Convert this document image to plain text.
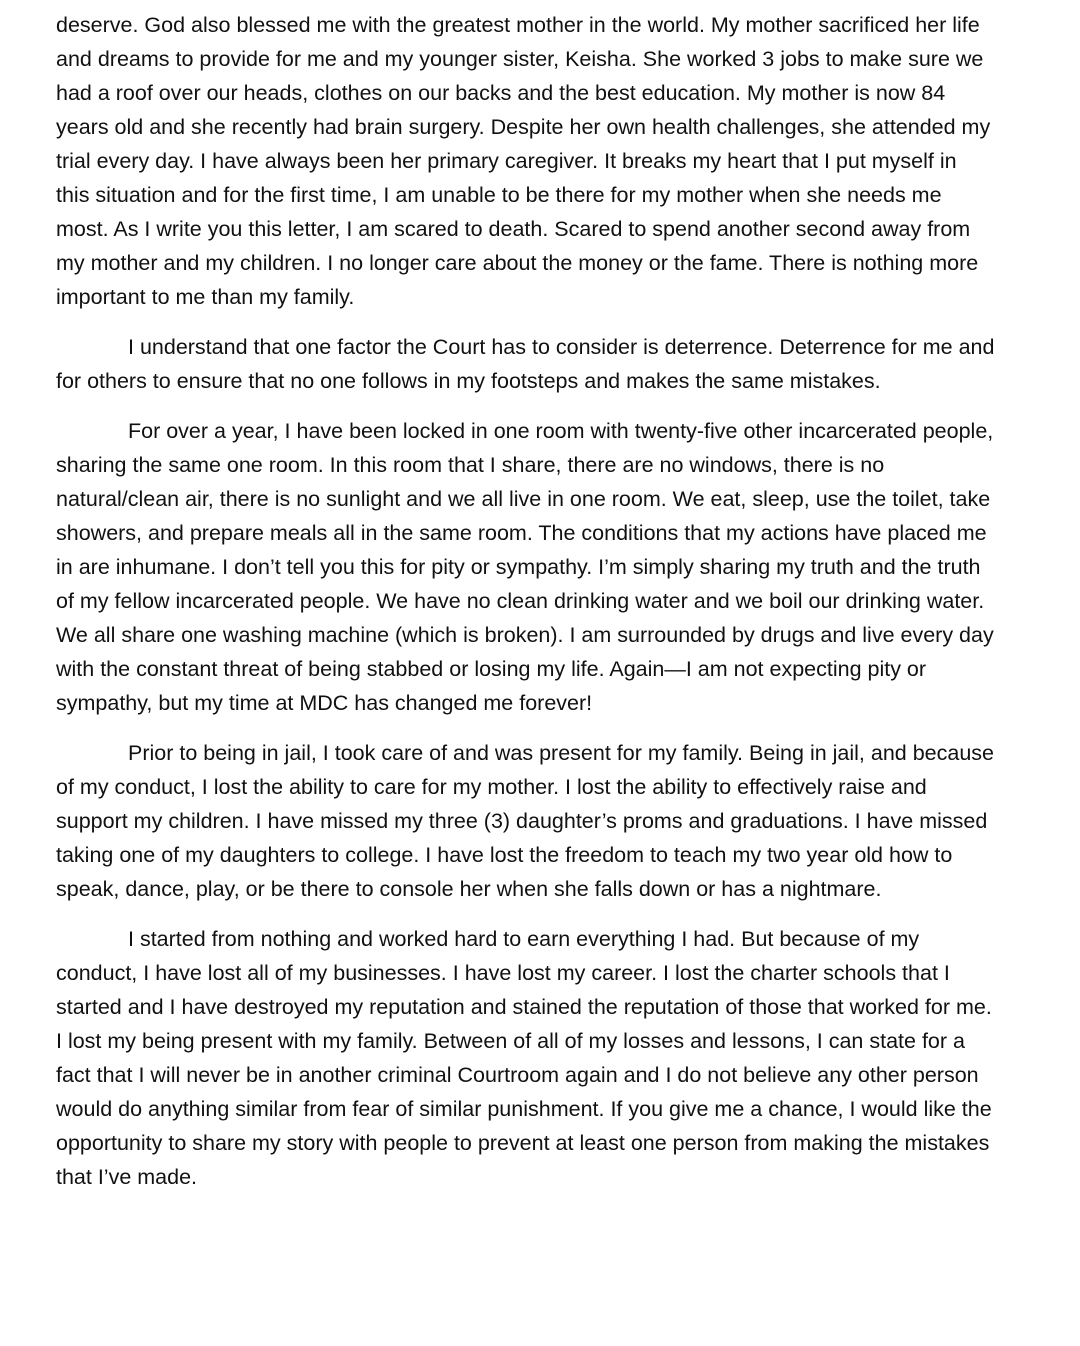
deserve. God also blessed me with the greatest mother in the world. My mother sacrificed her life and dreams to provide for me and my younger sister, Keisha. She worked 3 jobs to make sure we had a roof over our heads, clothes on our backs and the best education. My mother is now 84 years old and she recently had brain surgery. Despite her own health challenges, she attended my trial every day. I have always been her primary caregiver. It breaks my heart that I put myself in this situation and for the first time, I am unable to be there for my mother when she needs me most. As I write you this letter, I am scared to death. Scared to spend another second away from my mother and my children. I no longer care about the money or the fame. There is nothing more important to me than my family.

I understand that one factor the Court has to consider is deterrence. Deterrence for me and for others to ensure that no one follows in my footsteps and makes the same mistakes.

For over a year, I have been locked in one room with twenty-five other incarcerated people, sharing the same one room. In this room that I share, there are no windows, there is no natural/clean air, there is no sunlight and we all live in one room. We eat, sleep, use the toilet, take showers, and prepare meals all in the same room. The conditions that my actions have placed me in are inhumane. I don’t tell you this for pity or sympathy. I’m simply sharing my truth and the truth of my fellow incarcerated people. We have no clean drinking water and we boil our drinking water. We all share one washing machine (which is broken). I am surrounded by drugs and live every day with the constant threat of being stabbed or losing my life. Again—I am not expecting pity or sympathy, but my time at MDC has changed me forever!

Prior to being in jail, I took care of and was present for my family. Being in jail, and because of my conduct, I lost the ability to care for my mother. I lost the ability to effectively raise and support my children. I have missed my three (3) daughter’s proms and graduations. I have missed taking one of my daughters to college. I have lost the freedom to teach my two year old how to speak, dance, play, or be there to console her when she falls down or has a nightmare.

I started from nothing and worked hard to earn everything I had. But because of my conduct, I have lost all of my businesses. I have lost my career. I lost the charter schools that I started and I have destroyed my reputation and stained the reputation of those that worked for me. I lost my being present with my family. Between of all of my losses and lessons, I can state for a fact that I will never be in another criminal Courtroom again and I do not believe any other person would do anything similar from fear of similar punishment. If you give me a chance, I would like the opportunity to share my story with people to prevent at least one person from making the mistakes that I’ve made.
